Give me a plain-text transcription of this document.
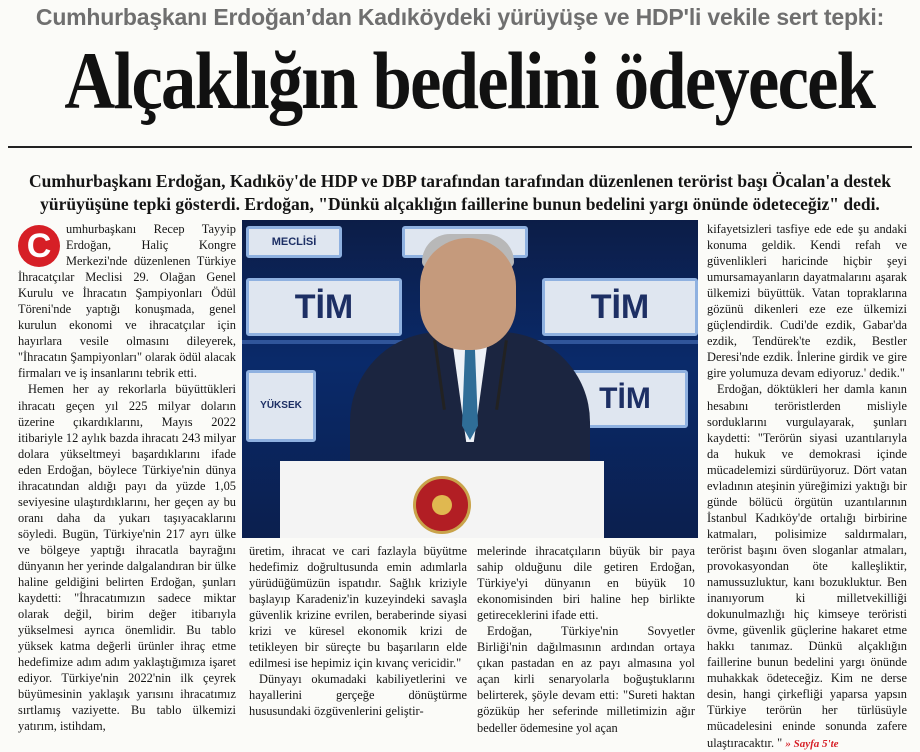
Cumhurbaşkanı Erdoğan’dan Kadıköydeki yürüyüşe ve HDP'li vekile sert tepki:
Alçaklığın bedelini ödeyecek
Cumhurbaşkanı Erdoğan, Kadıköy'de HDP ve DBP tarafından tarafından düzenlenen terörist başı Öcalan'a destek
yürüyüşüne tepki gösterdi. Erdoğan, "Dünkü alçaklığın faillerine bunun bedelini yargı önünde ödeteceğiz" dedi.
C	umhurbaşkanı Recep Tayyip Erdoğan, Haliç Kongre Merkezi'nde düzenlenen Türkiye İhracatçılar Meclisi 29. Olağan Genel Kurulu ve İhracatın Şampiyonları Ödül Töreni'nde yaptığı konuşmada, genel kurulun ekonomi ve ihracatçılar için hayırlara vesile olmasını dileyerek, "İhracatın Şampiyonları" olarak ödül alacak firmaları ve iş insanlarını tebrik etti.

Hemen her ay rekorlarla büyüttükleri ihracatı geçen yıl 225 milyar doların üzerine çıkardıklarını, Mayıs 2022 itibariyle 12 aylık bazda ihracatı 243 milyar dolara yükseltmeyi başardıklarını ifade eden Erdoğan, böylece Türkiye'nin dünya ihracatından aldığı payı da yüzde 1,05 seviyesine ulaştırdıklarını, her geçen ay bu oranı daha da yukarı taşıyacaklarını söyledi. Bugün, Türkiye'nin 217 ayrı ülke ve bölgeye yaptığı ihracatla bayrağını dünyanın her yerinde dalgalandıran bir ülke haline geldiğini belirten Erdoğan, şunları kaydetti: "İhracatımızın sadece miktar olarak değil, birim değer itibarıyla yükselmesi ayrıca önemlidir. Bu tablo yüksek katma değerli ürünler ihraç etme hedefimize adım adım yaklaştığımıza işaret ediyor. Türkiye'nin 2022'nin ilk çeyrek büyümesinin yaklaşık yarısını ihracatımız sırtlamış vaziyette. Bu tablo ülkemizi yatırım, istihdam,

MECLİSİ
TİM	TİM
YÜKSEK	TİM

üretim, ihracat ve cari fazlayla büyütme hedefimiz doğrultusunda emin adımlarla yürüdüğümüzün ispatıdır. Sağlık kriziyle başlayıp Karadeniz'in kuzeyindeki savaşla güvenlik krizine evrilen, beraberinde siyasi krizi ve küresel ekonomik krizi de tetikleyen bir süreçte bu başarıların elde edilmesi ise hepimiz için kıvanç vericidir."

Dünyayı okumadaki kabiliyetlerini ve hayallerini gerçeğe dönüştürme hususundaki özgüvenlerini geliştir-

melerinde ihracatçıların büyük bir paya sahip olduğunu dile getiren Erdoğan, Türkiye'yi dünyanın en büyük 10 ekonomisinden biri haline hep birlikte getireceklerini ifade etti.

Erdoğan, Türkiye'nin Sovyetler Birliği'nin dağılmasının ardından ortaya çıkan pastadan en az payı almasına yol açan kirli senaryolarla boğuştuklarını belirterek, şöyle devam etti: "Sureti haktan gözüküp her seferinde milletimizin ağır bedeller ödemesine yol açan

kifayetsizleri tasfiye ede ede şu andaki konuma geldik. Kendi refah ve güvenlikleri haricinde hiçbir şeyi umursamayanların dayatmalarını aşarak ülkemizi büyüttük. Vatan topraklarına gözünü dikenleri eze eze ülkemizi güçlendirdik. Cudi'de ezdik, Gabar'da ezdik, Tendürek'te ezdik, Bestler Deresi'nde ezdik. İnlerine girdik ve gire gire yolumuza devam ediyoruz.' dedik."

Erdoğan, döktükleri her damla kanın hesabını teröristlerden misliyle sorduklarını vurgulayarak, şunları kaydetti: "Terörün siyasi uzantılarıyla da hukuk ve demokrasi içinde mücadelemizi sürdürüyoruz. Dört vatan evladının ateşinin yüreğimizi yaktığı bir günde bölücü örgütün uzantılarının İstanbul Kadıköy'de ortalığı birbirine katmaları, polisimize saldırmaları, terörist başını öven sloganlar atmaları, provokasyondan öte kalleşliktir, namussuzluktur, kanı bozukluktur. Ben inanıyorum ki milletvekilliği dokunulmazlığı hiç kimseye teröristi övme, güvenlik güçlerine hakaret etme hakkı tanımaz. Dünkü alçaklığın faillerine bunun bedelini yargı önünde muhakkak ödeteceğiz. Kim ne derse desin, hangi çirkefliği yaparsa yapsın Türkiye terörün her türlüsüyle mücadelesini eninde sonunda zafere ulaştıracaktır. " » Sayfa 5'te
